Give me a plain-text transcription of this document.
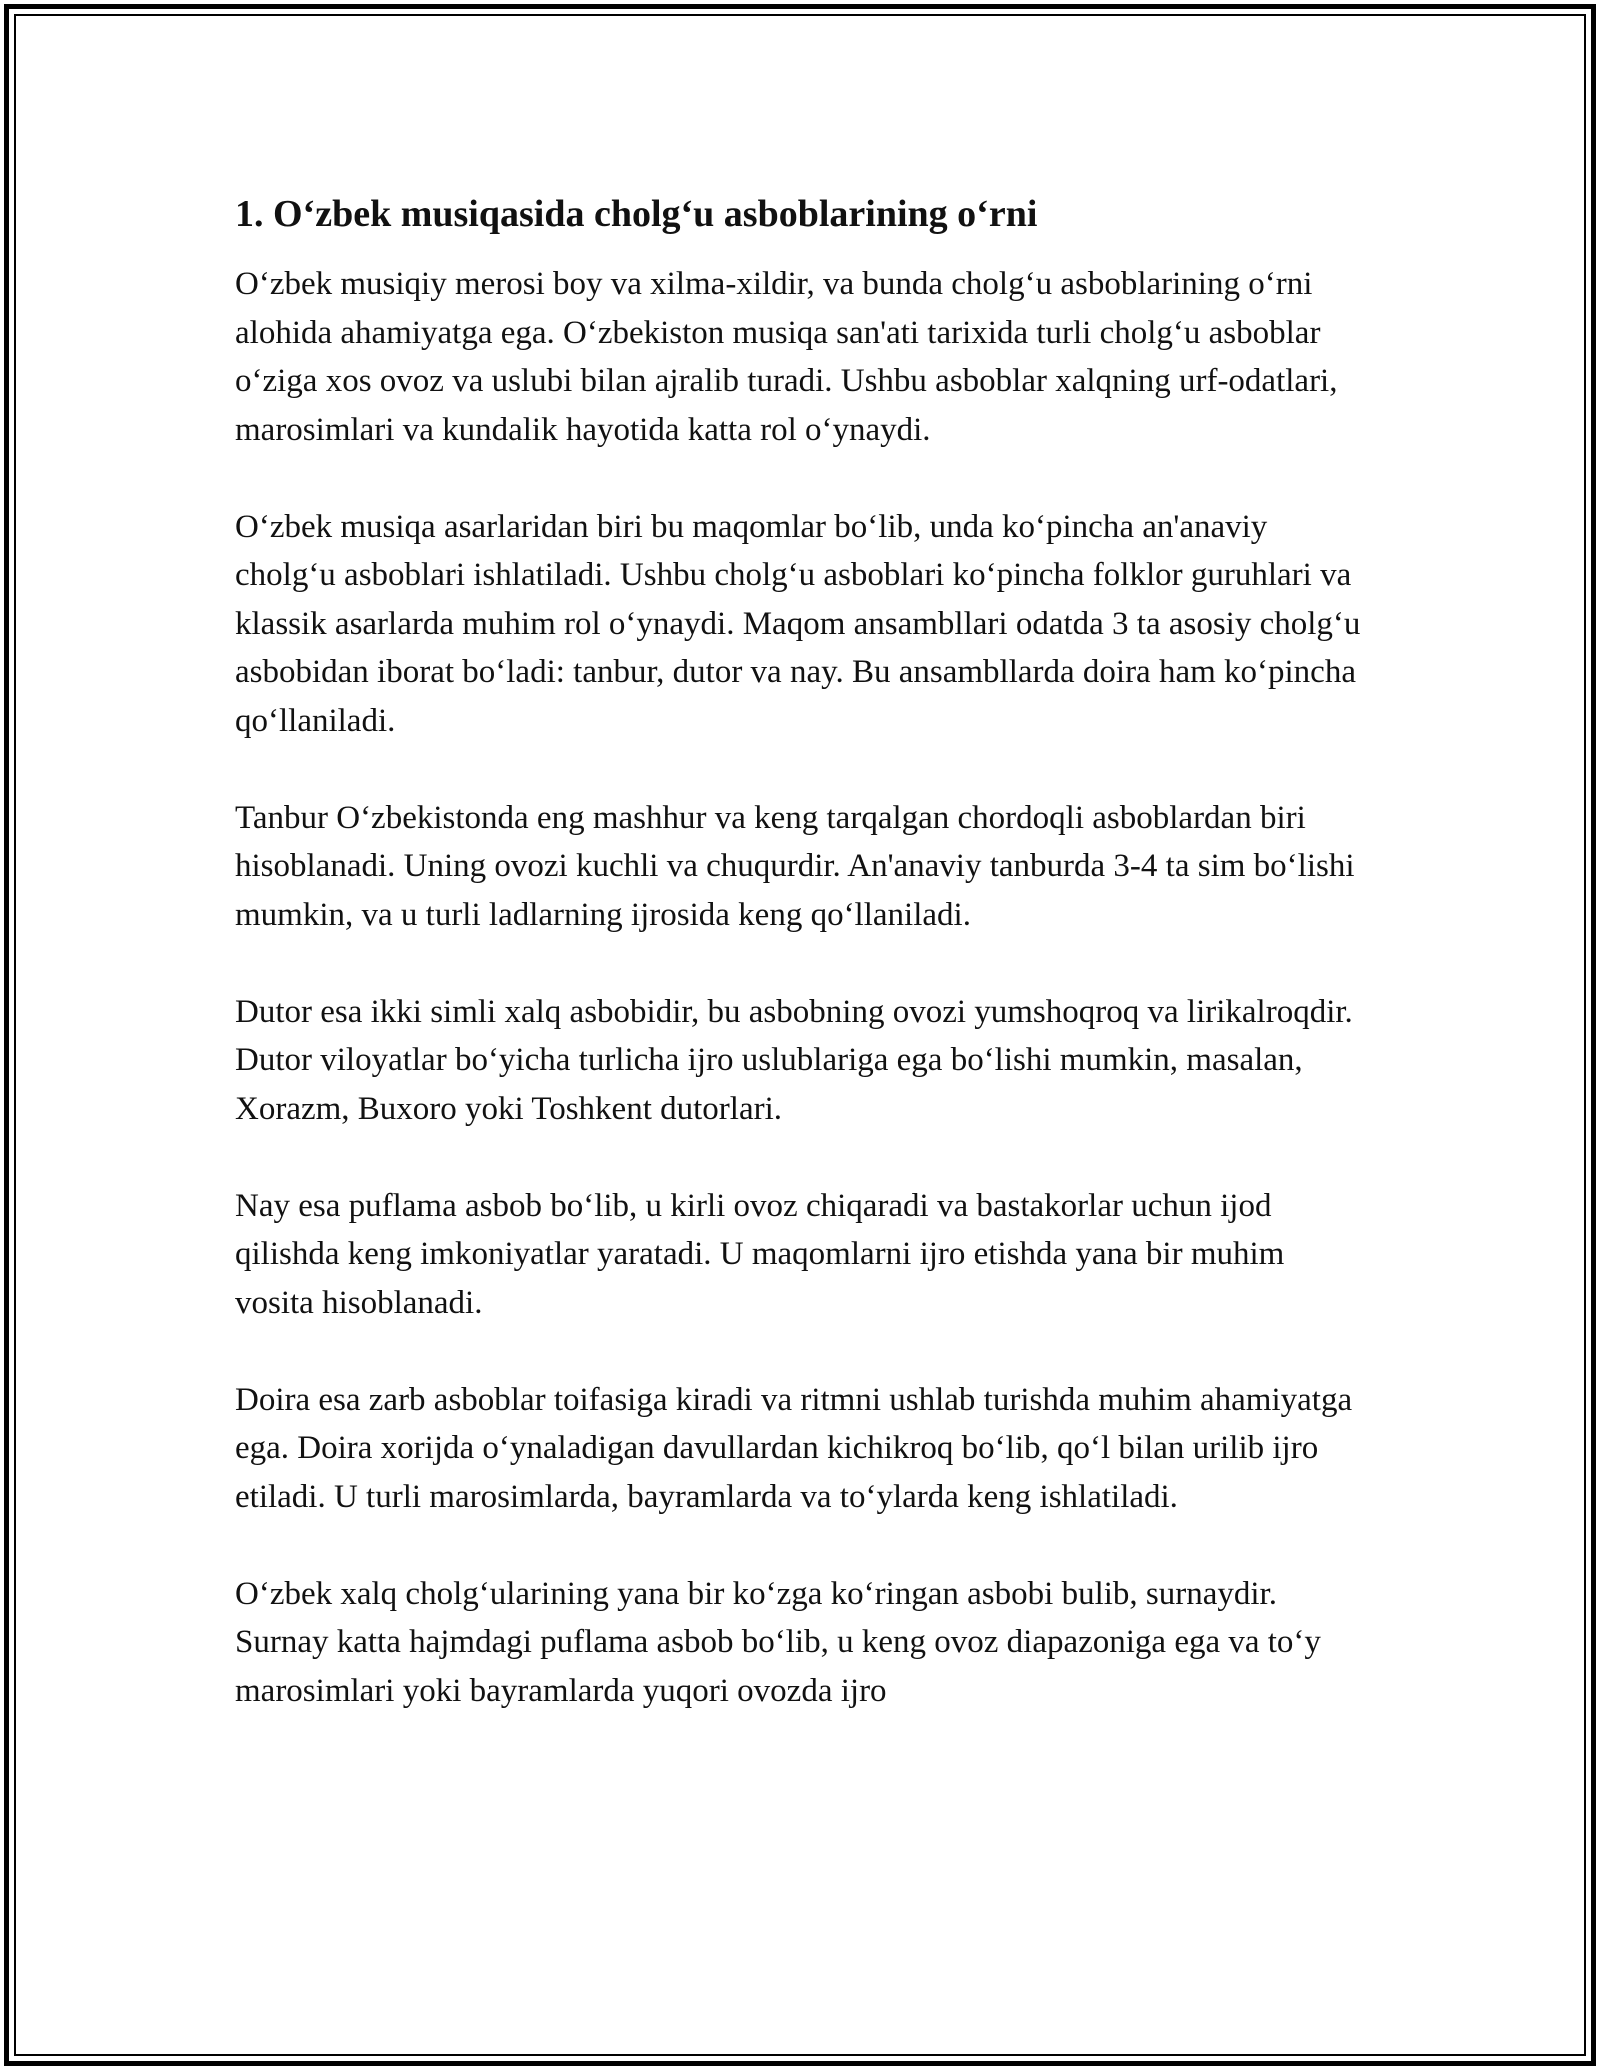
1. O‘zbek musiqasida cholg‘u asboblarining o‘rni

O‘zbek musiqiy merosi boy va xilma-xildir, va bunda cholg‘u asboblarining o‘rni alohida ahamiyatga ega. O‘zbekiston musiqa san'ati tarixida turli cholg‘u asboblar o‘ziga xos ovoz va uslubi bilan ajralib turadi. Ushbu asboblar xalqning urf-odatlari, marosimlari va kundalik hayotida katta rol o‘ynaydi.

O‘zbek musiqa asarlaridan biri bu maqomlar bo‘lib, unda ko‘pincha an'anaviy cholg‘u asboblari ishlatiladi. Ushbu cholg‘u asboblari ko‘pincha folklor guruhlari va klassik asarlarda muhim rol o‘ynaydi. Maqom ansambllari odatda 3 ta asosiy cholg‘u asbobidan iborat bo‘ladi: tanbur, dutor va nay. Bu ansambllarda doira ham ko‘pincha qo‘llaniladi.

Tanbur O‘zbekistonda eng mashhur va keng tarqalgan chordoqli asboblardan biri hisoblanadi. Uning ovozi kuchli va chuqurdir. An'anaviy tanburda 3-4 ta sim bo‘lishi mumkin, va u turli ladlarning ijrosida keng qo‘llaniladi.

Dutor esa ikki simli xalq asbobidir, bu asbobning ovozi yumshoqroq va lirikalroqdir. Dutor viloyatlar bo‘yicha turlicha ijro uslublariga ega bo‘lishi mumkin, masalan, Xorazm, Buxoro yoki Toshkent dutorlari.

Nay esa puflama asbob bo‘lib, u kirli ovoz chiqaradi va bastakorlar uchun ijod qilishda keng imkoniyatlar yaratadi. U maqomlarni ijro etishda yana bir muhim vosita hisoblanadi.

Doira esa zarb asboblar toifasiga kiradi va ritmni ushlab turishda muhim ahamiyatga ega. Doira xorijda o‘ynaladigan davullardan kichikroq bo‘lib, qo‘l bilan urilib ijro etiladi. U turli marosimlarda, bayramlarda va to‘ylarda keng ishlatiladi.

O‘zbek xalq cholg‘ularining yana bir ko‘zga ko‘ringan asbobi bulib, surnaydir. Surnay katta hajmdagi puflama asbob bo‘lib, u keng ovoz diapazoniga ega va to‘y marosimlari yoki bayramlarda yuqori ovozda ijro
